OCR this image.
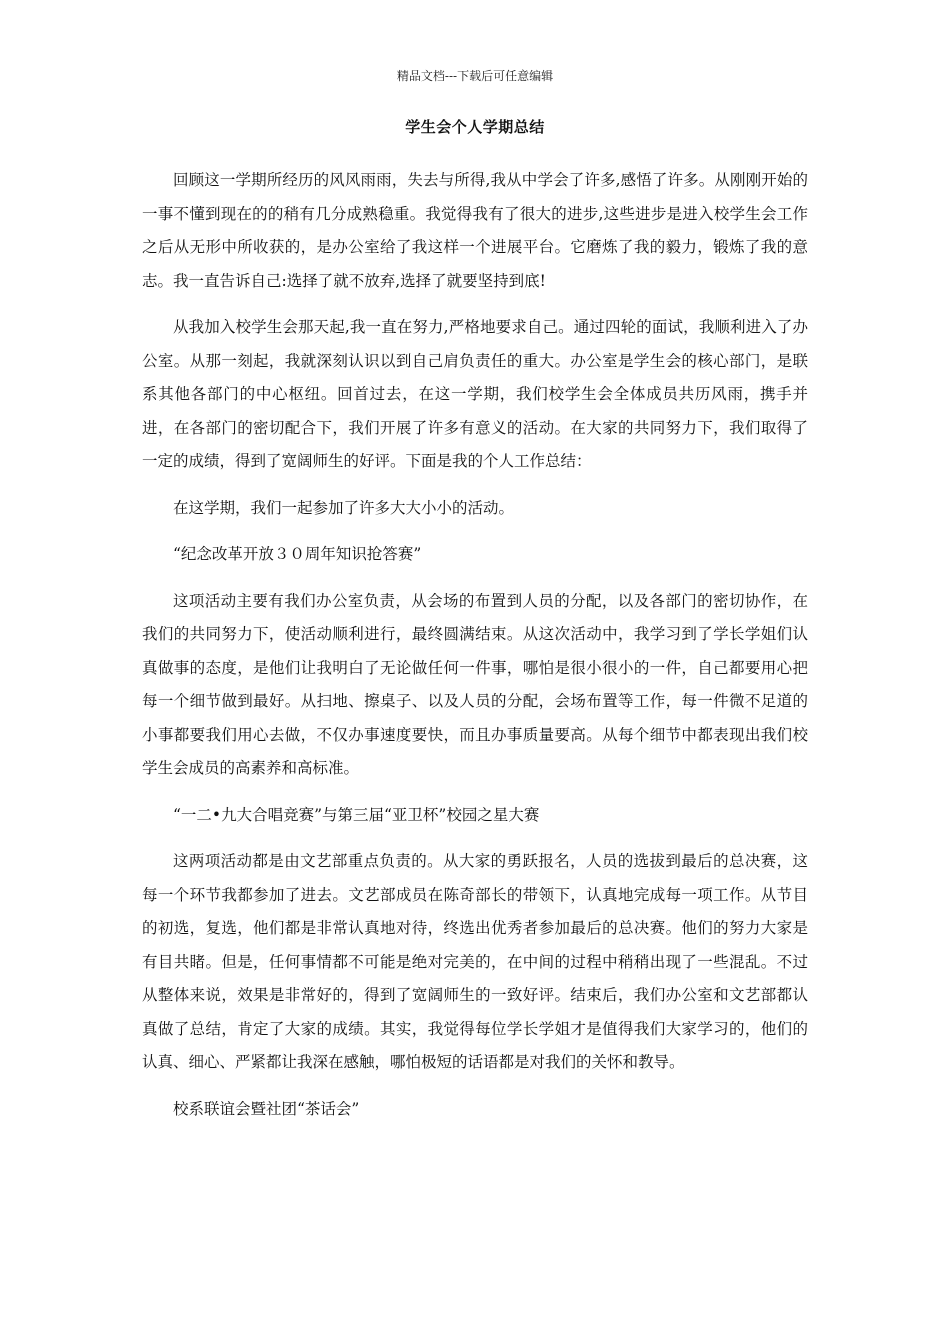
精品文档---下载后可任意编辑
学生会个人学期总结

回顾这一学期所经历的风风雨雨，失去与所得,我从中学会了许多,感悟了许多。从刚刚开始的一事不懂到现在的的稍有几分成熟稳重。我觉得我有了很大的进步,这些进步是进入校学生会工作之后从无形中所收获的，是办公室给了我这样一个进展平台。它磨炼了我的毅力，锻炼了我的意志。我一直告诉自己:选择了就不放弃,选择了就要坚持到底!

从我加入校学生会那天起,我一直在努力,严格地要求自己。通过四轮的面试，我顺利进入了办公室。从那一刻起，我就深刻认识以到自己肩负责任的重大。办公室是学生会的核心部门，是联系其他各部门的中心枢纽。回首过去，在这一学期，我们校学生会全体成员共历风雨，携手并进，在各部门的密切配合下，我们开展了许多有意义的活动。在大家的共同努力下，我们取得了一定的成绩，得到了宽阔师生的好评。下面是我的个人工作总结：

在这学期，我们一起参加了许多大大小小的活动。

“纪念改革开放３０周年知识抢答赛”

这项活动主要有我们办公室负责，从会场的布置到人员的分配，以及各部门的密切协作，在我们的共同努力下，使活动顺利进行，最终圆满结束。从这次活动中，我学习到了学长学姐们认真做事的态度，是他们让我明白了无论做任何一件事，哪怕是很小很小的一件，自己都要用心把每一个细节做到最好。从扫地、擦桌子、以及人员的分配，会场布置等工作，每一件微不足道的小事都要我们用心去做，不仅办事速度要快，而且办事质量要高。从每个细节中都表现出我们校学生会成员的高素养和高标准。

“一二•九大合唱竞赛”与第三届“亚卫杯”校园之星大赛

这两项活动都是由文艺部重点负责的。从大家的勇跃报名，人员的选拔到最后的总决赛，这每一个环节我都参加了进去。文艺部成员在陈奇部长的带领下，认真地完成每一项工作。从节目的初选，复选，他们都是非常认真地对待，终选出优秀者参加最后的总决赛。他们的努力大家是有目共睹。但是，任何事情都不可能是绝对完美的，在中间的过程中稍稍出现了一些混乱。不过从整体来说，效果是非常好的，得到了宽阔师生的一致好评。结束后，我们办公室和文艺部都认真做了总结，肯定了大家的成绩。其实，我觉得每位学长学姐才是值得我们大家学习的，他们的认真、细心、严紧都让我深在感触，哪怕极短的话语都是对我们的关怀和教导。

校系联谊会暨社团“茶话会”
